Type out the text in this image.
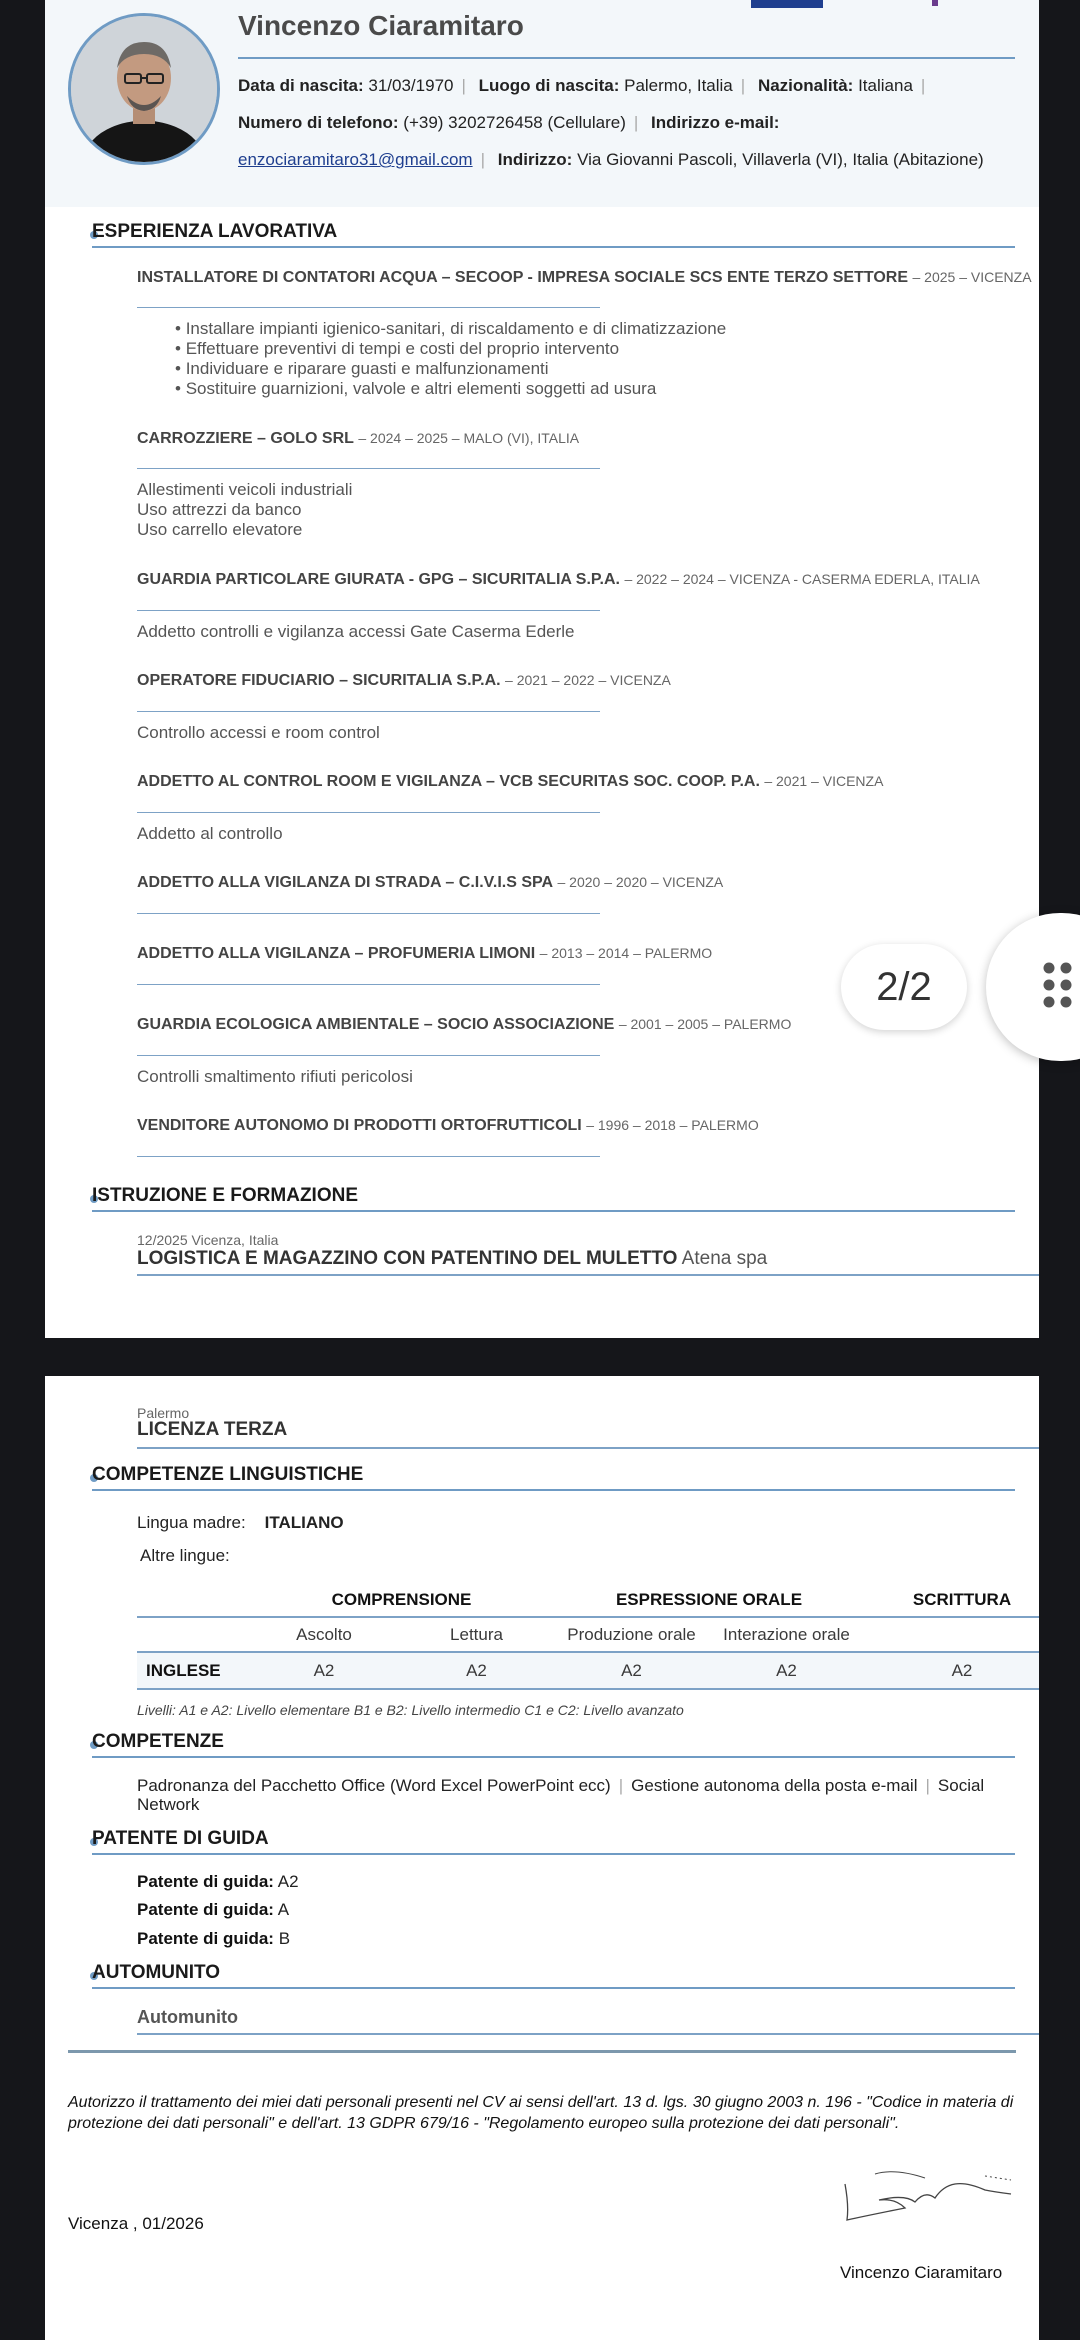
Vincenzo Ciaramitaro
Data di nascita: 31/03/1970 | Luogo di nascita: Palermo, Italia | Nazionalità: Italiana |
Numero di telefono: (+39) 3202726458 (Cellulare) | Indirizzo e-mail:
enzociaramitaro31@gmail.com | Indirizzo: Via Giovanni Pascoli, Villaverla (VI), Italia (Abitazione)
ESPERIENZA LAVORATIVA
INSTALLATORE DI CONTATORI ACQUA – SECOOP - IMPRESA SOCIALE SCS ENTE TERZO SETTORE – 2025 – VICENZA
• Installare impianti igienico-sanitari, di riscaldamento e di climatizzazione
• Effettuare preventivi di tempi e costi del proprio intervento
• Individuare e riparare guasti e malfunzionamenti
• Sostituire guarnizioni, valvole e altri elementi soggetti ad usura
CARROZZIERE – GOLO SRL – 2024 – 2025 – MALO (VI), ITALIA
Allestimenti veicoli industriali
Uso attrezzi da banco
Uso carrello elevatore
GUARDIA PARTICOLARE GIURATA - GPG – SICURITALIA S.P.A. – 2022 – 2024 – VICENZA - CASERMA EDERLA, ITALIA
Addetto controlli e vigilanza accessi Gate Caserma Ederle
OPERATORE FIDUCIARIO – SICURITALIA S.P.A. – 2021 – 2022 – VICENZA
Controllo accessi e room control
ADDETTO AL CONTROL ROOM E VIGILANZA – VCB SECURITAS SOC. COOP. P.A. – 2021 – VICENZA
Addetto al controllo
ADDETTO ALLA VIGILANZA DI STRADA – C.I.V.I.S SPA – 2020 – 2020 – VICENZA
ADDETTO ALLA VIGILANZA – PROFUMERIA LIMONI – 2013 – 2014 – PALERMO
GUARDIA ECOLOGICA AMBIENTALE – SOCIO ASSOCIAZIONE – 2001 – 2005 – PALERMO
Controlli smaltimento rifiuti pericolosi
VENDITORE AUTONOMO DI PRODOTTI ORTOFRUTTICOLI – 1996 – 2018 – PALERMO
ISTRUZIONE E FORMAZIONE
12/2025 Vicenza, Italia
LOGISTICA E MAGAZZINO CON PATENTINO DEL MULETTO Atena spa
2/2
Palermo
LICENZA TERZA
COMPETENZE LINGUISTICHE
Lingua madre: ITALIANO
Altre lingue:
	COMPRENSIONE		ESPRESSIONE ORALE		SCRITTURA
	Ascolto	Lettura	Produzione orale	Interazione orale	
INGLESE	A2	A2	A2	A2	A2
Livelli: A1 e A2: Livello elementare B1 e B2: Livello intermedio C1 e C2: Livello avanzato
COMPETENZE
Padronanza del Pacchetto Office (Word Excel PowerPoint ecc) | Gestione autonoma della posta e-mail | Social
Network
PATENTE DI GUIDA
Patente di guida: A2
Patente di guida: A
Patente di guida: B
AUTOMUNITO
Automunito
Autorizzo il trattamento dei miei dati personali presenti nel CV ai sensi dell'art. 13 d. lgs. 30 giugno 2003 n. 196 - "Codice in materia di protezione dei dati personali" e dell'art. 13 GDPR 679/16 - "Regolamento europeo sulla protezione dei dati personali".
Vicenza , 01/2026
Vincenzo Ciaramitaro
